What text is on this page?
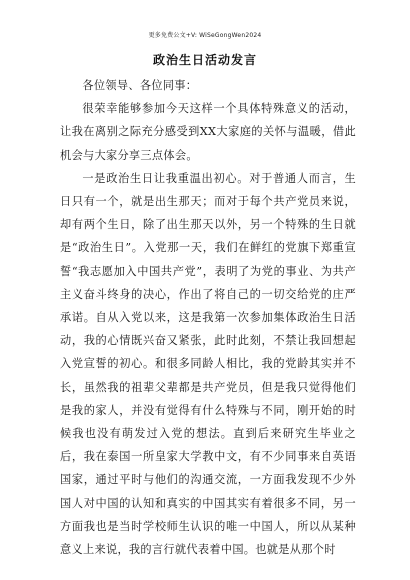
更多免费公文+V: WiSeGongWen2024
政治生日活动发言

各位领导、各位同事：

很荣幸能够参加今天这样一个具体特殊意义的活动，让我在离别之际充分感受到XX大家庭的关怀与温暖，借此机会与大家分享三点体会。

一是政治生日让我重温出初心。对于普通人而言，生日只有一个，就是出生那天；而对于每个共产党员来说，却有两个生日，除了出生那天以外，另一个特殊的生日就是“政治生日”。入党那一天，我们在鲜红的党旗下郑重宣誓“我志愿加入中国共产党”，表明了为党的事业、为共产主义奋斗终身的决心，作出了将自己的一切交给党的庄严承诺。自从入党以来，这是我第一次参加集体政治生日活动，我的心情既兴奋又紧张，此时此刻，不禁让我回想起入党宣誓的初心。和很多同龄人相比，我的党龄其实并不长，虽然我的祖辈父辈都是共产党员，但是我只觉得他们是我的家人，并没有觉得有什么特殊与不同，刚开始的时候我也没有萌发过入党的想法。直到后来研究生毕业之后，我在泰国一所皇家大学教中文，有不少同事来自英语国家，通过平时与他们的沟通交流，一方面我发现不少外国人对中国的认知和真实的中国其实有着很多不同，另一方面我也是当时学校师生认识的唯一中国人，所以从某种意义上来说，我的言行就代表着中国。也就是从那个时
